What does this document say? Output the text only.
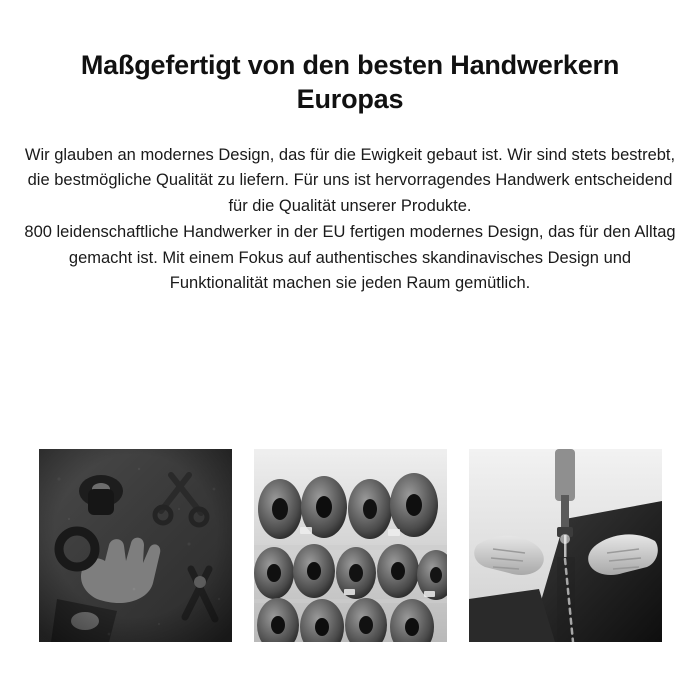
Maßgefertigt von den besten Handwerkern Europas

Wir glauben an modernes Design, das für die Ewigkeit gebaut ist. Wir sind stets bestrebt, die bestmögliche Qualität zu liefern. Für uns ist hervorragendes Handwerk entscheidend für die Qualität unserer Produkte.

800 leidenschaftliche Handwerker in der EU fertigen modernes Design, das für den Alltag gemacht ist. Mit einem Fokus auf authentisches skandinavisches Design und Funktionalität machen sie jeden Raum gemütlich.
